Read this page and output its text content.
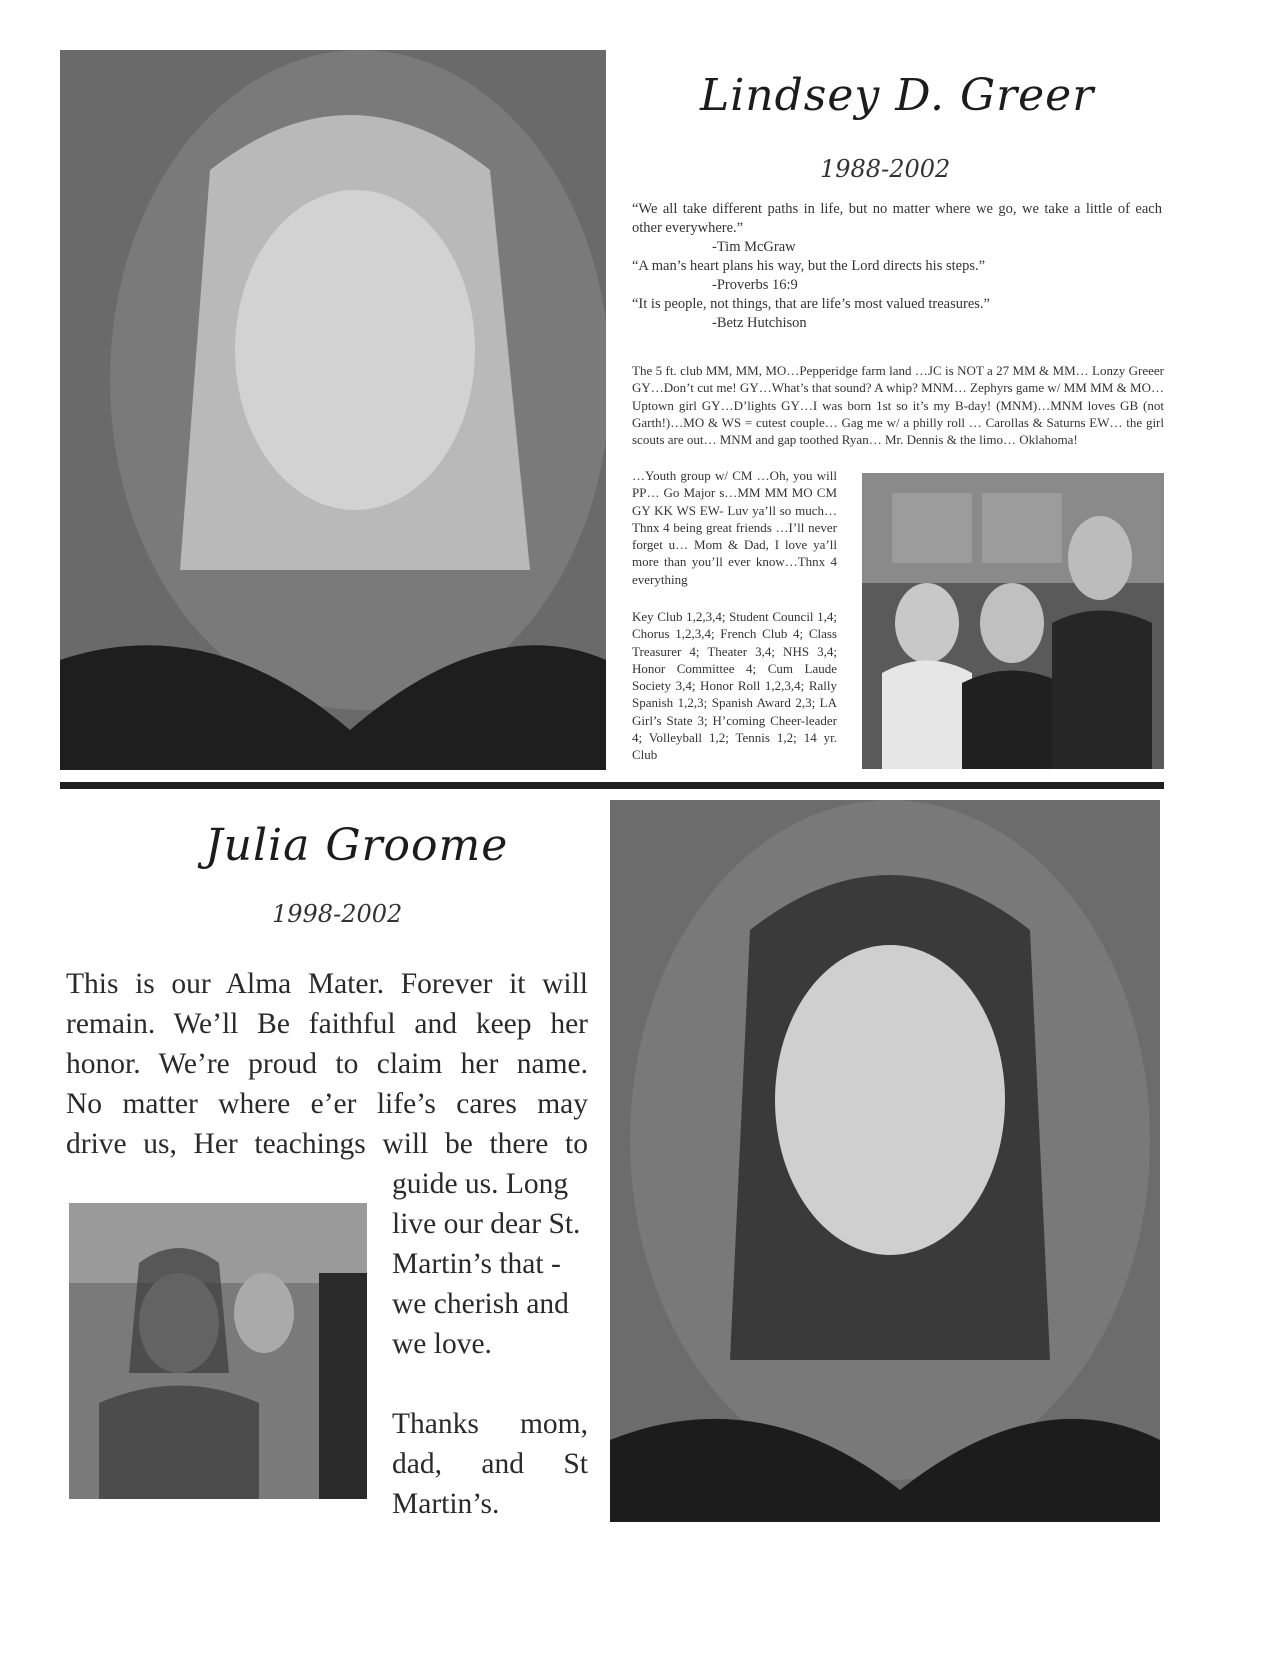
Lindsey D. Greer
1988-2002
“We all take different paths in life, but no matter where we go, we take a little of each other everywhere.”
-Tim McGraw
“A man’s heart plans his way, but the Lord directs his steps.”
-Proverbs 16:9
“It is people, not things, that are life’s most valued treasures.”
-Betz Hutchison
The 5 ft. club MM, MM, MO…Pepperidge farm land …JC is NOT a 27 MM & MM… Lonzy Greeer GY…Don’t cut me! GY…What’s that sound? A whip? MNM… Zephyrs game w/ MM MM & MO…Uptown girl GY…D’lights GY…I was born 1st so it’s my B-day! (MNM)…MNM loves GB (not Garth!)…MO & WS = cutest couple… Gag me w/ a philly roll … Carollas & Saturns EW… the girl scouts are out… MNM and gap toothed Ryan… Mr. Dennis & the limo… Oklahoma!
…Youth group w/ CM …Oh, you will PP… Go Major s…MM MM MO CM GY KK WS EW- Luv ya’ll so much… Thnx 4 being great friends …I’ll never forget u… Mom & Dad, I love ya’ll more than you’ll ever know…Thnx 4 everything
Key Club 1,2,3,4; Student Council 1,4; Chorus 1,2,3,4; French Club 4; Class Treasurer 4; Theater 3,4; NHS 3,4; Honor Committee 4; Cum Laude Society 3,4; Honor Roll 1,2,3,4; Rally Spanish 1,2,3; Spanish Award 2,3; LA Girl’s State 3; H’coming Cheer-leader 4; Volleyball 1,2; Tennis 1,2; 14 yr. Club
Julia Groome
1998-2002
This is our Alma Mater. Forever it will
remain. We’ll Be faithful and keep her
honor. We’re proud to claim her name.
No matter where e’er life’s cares may
drive us, Her teachings will be there to
guide us. Long
live our dear St.
Martin’s that -
we cherish and
we love.
Thanks mom,
dad, and St
Martin’s.
